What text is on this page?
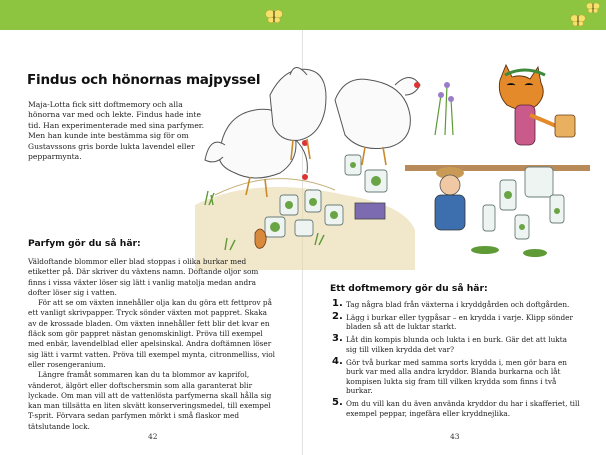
Findus och hönornas majpyssel
Maja-Lotta fick sitt doftmemory och alla hönorna var med och lekte. Findus hade inte tid. Han experimenterade med sina parfymer. Men han kunde inte bestämma sig för om Gustavssons gris borde lukta lavendel eller pepparmynta.
Parfym gör du så här:

Väldoftande blommor eller blad stoppas i olika burkar med etiketter på. Där skriver du växtens namn. Doftande oljor som finns i vissa växter löser sig lätt i vanlig matolja medan andra dofter löser sig i vatten.

För att se om växten innehåller olja kan du göra ett fettprov på ett vanligt skrivpapper. Tryck sönder växten mot pappret. Skaka av de krossade bladen. Om växten innehåller fett blir det kvar en fläck som gör pappret nästan genomskinligt. Pröva till exempel med enbär, lavendelblad eller apelsinskal. Andra doftämnen löser sig lätt i varmt vatten. Pröva till exempel mynta, citronmelliss, viol eller rosengeranium.

Längre framåt sommaren kan du ta blommor av kaprifol, vänderot, älgört eller doftschersmin som alla garanterat blir lyckade. Om man vill att de vattenlösta parfymerna skall hålla sig kan man tillsätta en liten skvätt konserveringsmedel, till exempel T-sprit. Förvara sedan parfymen mörkt i små flaskor med tätslutande lock.

42
Ett doftmemory gör du så här:
1. Tag några blad från växterna i kryddgården och doftgården.
2. Lägg i burkar eller tygpåsar – en krydda i varje. Klipp sönder bladen så att de luktar starkt.
3. Låt din kompis blunda och lukta i en burk. Gär det att lukta sig till vilken krydda det var?
4. Gör två burkar med samma sorts krydda i, men gör bara en burk var med alla andra kryddor. Blanda burkarna och låt kompisen lukta sig fram till vilken krydda som finns i två burkar.
5. Om du vill kan du även använda kryddor du har i skafferiet, till exempel peppar, ingefära eller kryddnejlika.
43
